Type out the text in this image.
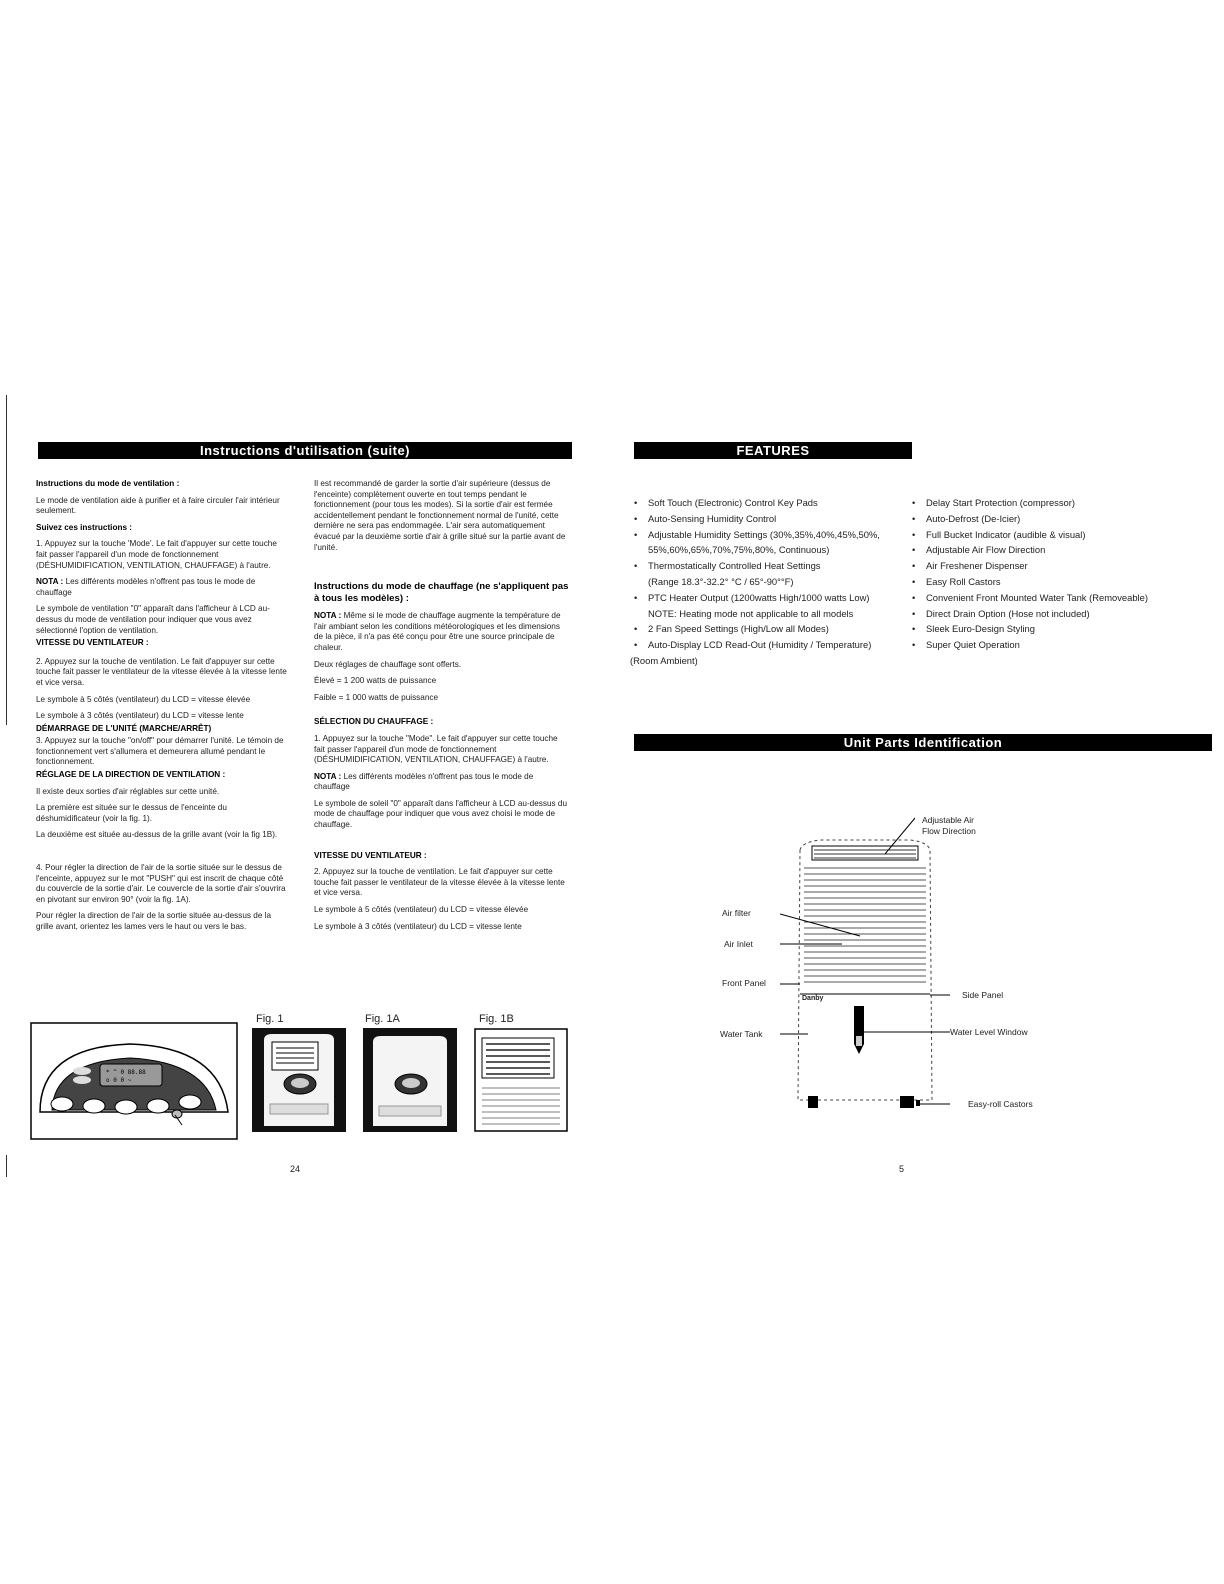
Instructions d'utilisation (suite)

Instructions du mode de ventilation :

Le mode de ventilation aide à purifier et à faire circuler l'air intérieur seulement.

Suivez ces instructions :

1. Appuyez sur la touche 'Mode'. Le fait d'appuyer sur cette touche fait passer l'appareil d'un mode de fonctionnement (DÉSHUMIDIFICATION, VENTILATION, CHAUFFAGE) à l'autre.

NOTA : Les différents modèles n'offrent pas tous le mode de chauffage

Le symbole de ventilation "0" apparaît dans l'afficheur à LCD au-dessus du mode de ventilation pour indiquer que vous avez sélectionné l'option de ventilation.

VITESSE DU VENTILATEUR :

2. Appuyez sur la touche de ventilation. Le fait d'appuyer sur cette touche fait passer le ventilateur de la vitesse élevée à la vitesse lente et vice versa.

Le symbole à 5 côtés (ventilateur) du LCD = vitesse élevée

Le symbole à 3 côtés (ventilateur) du LCD = vitesse lente

DÉMARRAGE DE L'UNITÉ (MARCHE/ARRÊT)

3. Appuyez sur la touche "on/off" pour démarrer l'unité. Le témoin de fonctionnement vert s'allumera et demeurera allumé pendant le fonctionnement.

RÉGLAGE DE LA DIRECTION DE VENTILATION :

Il existe deux sorties d'air réglables sur cette unité.

La première est située sur le dessus de l'enceinte du déshumidificateur (voir la fig. 1).

La deuxième est située au-dessus de la grille avant (voir la fig 1B).

4. Pour régler la direction de l'air de la sortie située sur le dessus de l'enceinte, appuyez sur le mot "PUSH" qui est inscrit de chaque côté du couvercle de la sortie d'air. Le couvercle de la sortie d'air s'ouvrira en pivotant sur environ 90° (voir la fig. 1A).

Pour régler la direction de l'air de la sortie située au-dessus de la grille avant, orientez les lames vers le haut ou vers le bas.

Il est recommandé de garder la sortie d'air supérieure (dessus de l'enceinte) complètement ouverte en tout temps pendant le fonctionnement (pour tous les modes). Si la sortie d'air est fermée accidentellement pendant le fonctionnement normal de l'unité, cette dernière ne sera pas endommagée. L'air sera automatiquement évacué par la deuxième sortie d'air à grille situé sur la partie avant de l'unité.

Instructions du mode de chauffage (ne s'appliquent pas à tous les modèles) :

NOTA : Même si le mode de chauffage augmente la température de l'air ambiant selon les conditions météorologiques et les dimensions de la pièce, il n'a pas été conçu pour être une source principale de chaleur.

Deux réglages de chauffage sont offerts.

Élevé = 1 200 watts de puissance

Faible = 1 000 watts de puissance

SÉLECTION DU CHAUFFAGE :

1. Appuyez sur la touche "Mode". Le fait d'appuyer sur cette touche fait passer l'appareil d'un mode de fonctionnement (DÉSHUMIDIFICATION, VENTILATION, CHAUFFAGE) à l'autre.

NOTA : Les différents modèles n'offrent pas tous le mode de chauffage

Le symbole de soleil "0" apparaît dans l'afficheur à LCD au-dessus du mode de chauffage pour indiquer que vous avez choisi le mode de chauffage.

VITESSE DU VENTILATEUR :

2. Appuyez sur la touche de ventilation. Le fait d'appuyer sur cette touche fait passer le ventilateur de la vitesse élevée à la vitesse lente et vice versa.

Le symbole à 5 côtés (ventilateur) du LCD = vitesse élevée

Le symbole à 3 côtés (ventilateur) du LCD = vitesse lente

Fig. 1	Fig. 1A	Fig. 1B
* ^ 0 88.88
o 0 0 ~
24
FEATURES
• Soft Touch (Electronic) Control Key Pads
• Auto-Sensing Humidity Control
• Adjustable Humidity Settings (30%,35%,40%,45%,50%,
55%,60%,65%,70%,75%,80%, Continuous)
• Thermostatically Controlled Heat Settings
(Range 18.3°-32.2° °C / 65°-90°°F)
• PTC Heater Output (1200watts High/1000 watts Low)
NOTE: Heating mode not applicable to all models
• 2 Fan Speed Settings (High/Low all Modes)
• Auto-Display LCD Read-Out (Humidity / Temperature)
(Room Ambient)
• Delay Start Protection (compressor)
• Auto-Defrost (De-Icier)
• Full Bucket Indicator (audible & visual)
• Adjustable Air Flow Direction
• Air Freshener Dispenser
• Easy Roll Castors
• Convenient Front Mounted Water Tank (Removeable)
• Direct Drain Option (Hose not included)
• Sleek Euro-Design Styling
• Super Quiet Operation
Unit Parts Identification
Danby
Adjustable Air
Flow Direction
Air filter
Air Inlet
Front Panel
Side Panel
Water Tank	Water Level Window
Easy-roll Castors
5
